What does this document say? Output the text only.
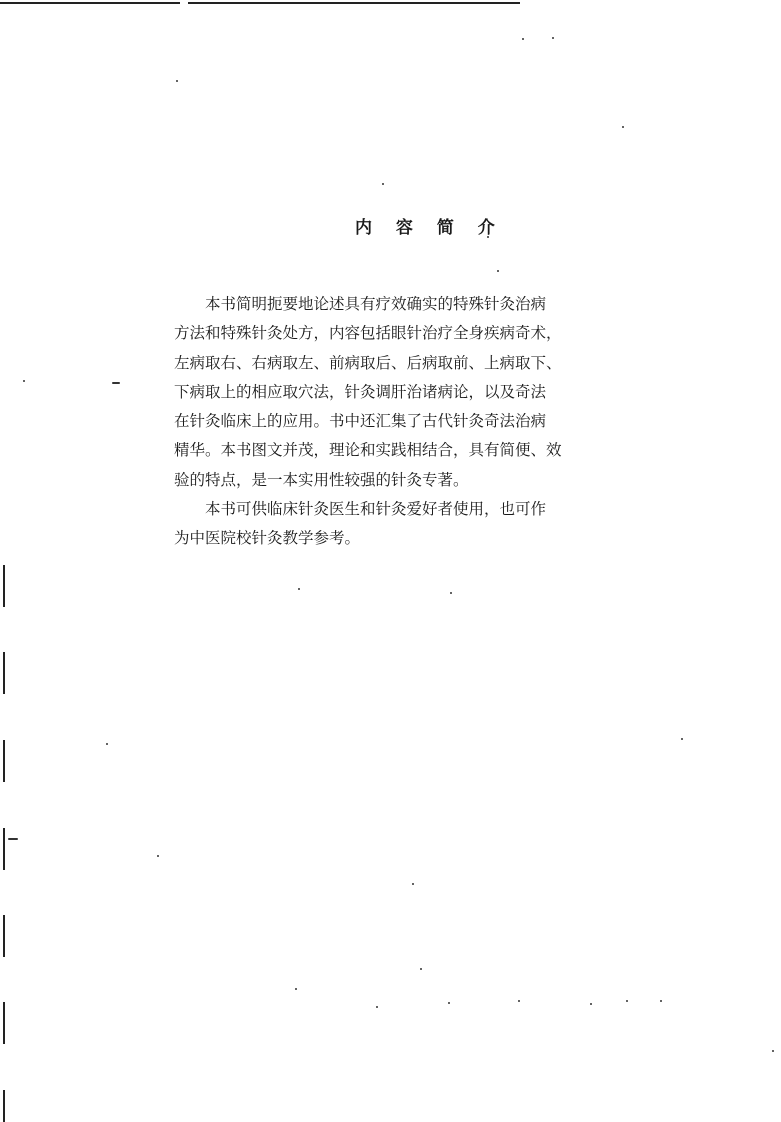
内 容 简 介

本书简明扼要地论述具有疗效确实的特殊针灸治病
方法和特殊针灸处方，内容包括眼针治疗全身疾病奇术，
左病取右、右病取左、前病取后、后病取前、上病取下、
下病取上的相应取穴法，针灸调肝治诸病论，以及奇法
在针灸临床上的应用。书中还汇集了古代针灸奇法治病
精华。本书图文并茂，理论和实践相结合，具有简便、效
验的特点，是一本实用性较强的针灸专著。

本书可供临床针灸医生和针灸爱好者使用，也可作
为中医院校针灸教学参考。
